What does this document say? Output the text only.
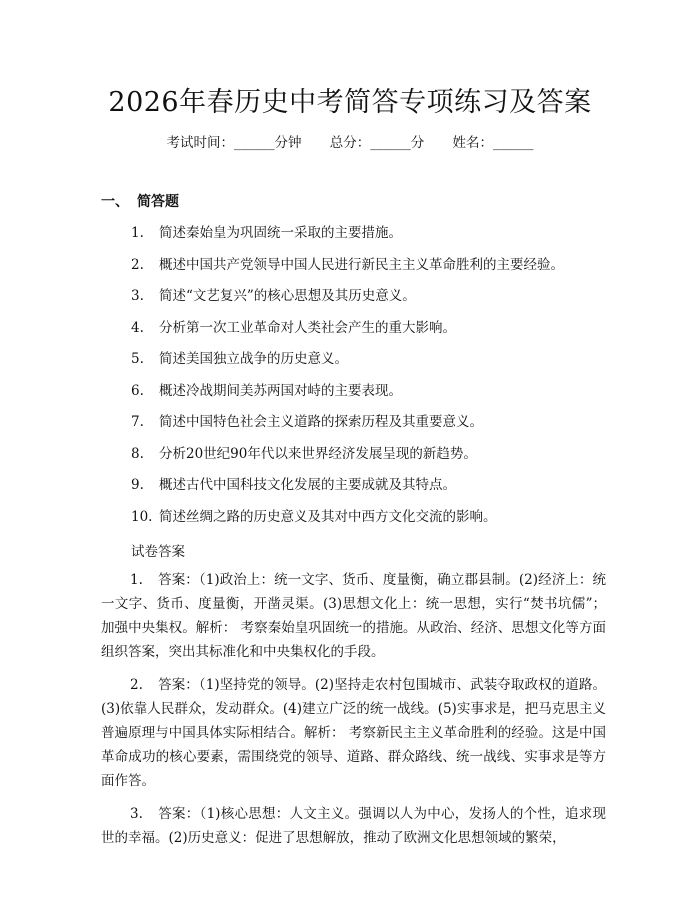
2026年春历史中考简答专项练习及答案
考试时间：______分钟 总分：______分 姓名：______
一、 简答题
1. 简述秦始皇为巩固统一采取的主要措施。
2. 概述中国共产党领导中国人民进行新民主主义革命胜利的主要经验。
3. 简述“文艺复兴”的核心思想及其历史意义。
4. 分析第一次工业革命对人类社会产生的重大影响。
5. 简述美国独立战争的历史意义。
6. 概述冷战期间美苏两国对峙的主要表现。
7. 简述中国特色社会主义道路的探索历程及其重要意义。
8. 分析20世纪90年代以来世界经济发展呈现的新趋势。
9. 概述古代中国科技文化发展的主要成就及其特点。
10. 简述丝绸之路的历史意义及其对中西方文化交流的影响。
试卷答案

1. 答案：（1)政治上：统一文字、货币、度量衡，确立郡县制。(2)经济上：统一文字、货币、度量衡，开凿灵渠。(3)思想文化上：统一思想，实行“焚书坑儒”；加强中央集权。解析： 考察秦始皇巩固统一的措施。从政治、经济、思想文化等方面组织答案，突出其标准化和中央集权化的手段。

2. 答案：（1)坚持党的领导。(2)坚持走农村包围城市、武装夺取政权的道路。(3)依靠人民群众，发动群众。(4)建立广泛的统一战线。(5)实事求是，把马克思主义普遍原理与中国具体实际相结合。解析： 考察新民主主义革命胜利的经验。这是中国革命成功的核心要素，需围绕党的领导、道路、群众路线、统一战线、实事求是等方面作答。

3. 答案：（1)核心思想：人文主义。强调以人为中心，发扬人的个性，追求现世的幸福。(2)历史意义：促进了思想解放，推动了欧洲文化思想领域的繁荣，
